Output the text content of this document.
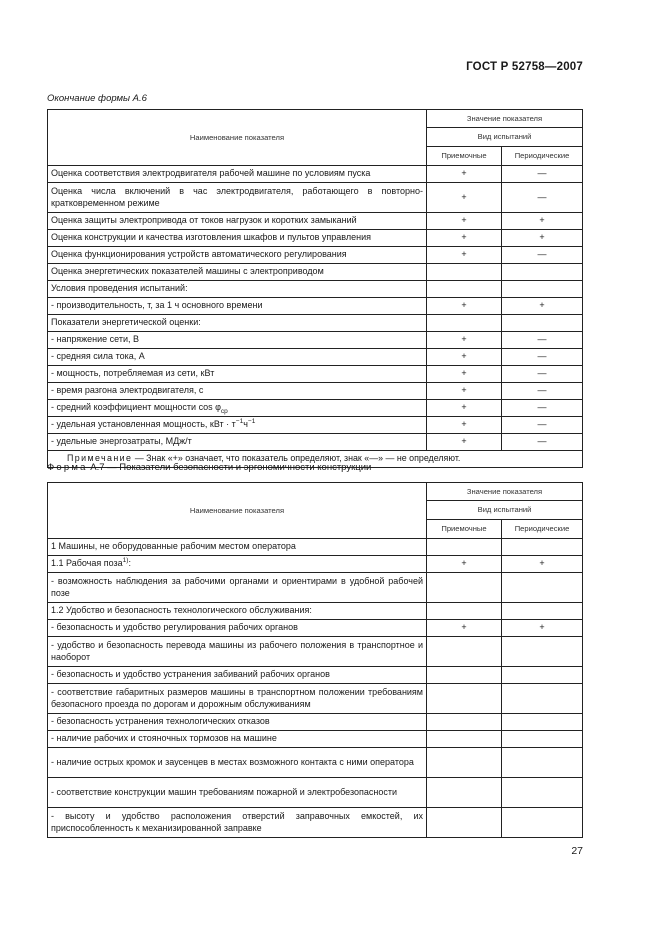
ГОСТ Р 52758—2007
Окончание формы А.6
Наименование показателя	Значение показателя	
	Вид испытаний	
	Приемочные	Периодические
Оценка соответствия электродвигателя рабочей машине по условиям пуска	+	—
Оценка числа включений в час электродвигателя, работающего в повторно-кратковременном режиме	+	—
Оценка защиты электропривода от токов нагрузок и коротких замыканий	+	+
Оценка конструкции и качества изготовления шкафов и пультов управления	+	+
Оценка функционирования устройств автоматического регулирования	+	—
Оценка энергетических показателей машины с электроприводом		
Условия проведения испытаний:		
- производительность, т, за 1 ч основного времени	+	+
Показатели энергетической оценки:		
- напряжение сети, В	+	—
- средняя сила тока, А	+	—
- мощность, потребляемая из сети, кВт	+	—
- время разгона электродвигателя, с	+	—
- средний коэффициент мощности $\cos \varphi_{ср}$	+	—
- удельная установленная мощность, кВт · $т^{-1}ч^{-1}$	+	—
- удельные энергозатраты, МДж/т	+	—
Примечание — Знак «+» означает, что показатель определяют, знак «—» — не определяют.		
Форма А.7 — Показатели безопасности и эргономичности конструкции
Наименование показателя	Значение показателя	
	Вид испытаний	
	Приемочные	Периодические
1 Машины, не оборудованные рабочим местом оператора		
1.1 Рабочая поза$^{1)}$:	+	+
- возможность наблюдения за рабочими органами и ориентирами в удобной рабочей позе		
1.2 Удобство и безопасность технологического обслуживания:		
- безопасность и удобство регулирования рабочих органов	+	+
- удобство и безопасность перевода машины из рабочего положения в транспортное и наоборот		
- безопасность и удобство устранения забиваний рабочих органов		
- соответствие габаритных размеров машины в транспортном положении требованиям безопасного проезда по дорогам и дорожным обслуживаниям		
- безопасность устранения технологических отказов		
- наличие рабочих и стояночных тормозов на машине		
- наличие острых кромок и заусенцев в местах возможного контакта с ними оператора		
- соответствие конструкции машин требованиям пожарной и электробезопасности		
- высоту и удобство расположения отверстий заправочных емкостей, их приспособленность к механизированной заправке		
27
